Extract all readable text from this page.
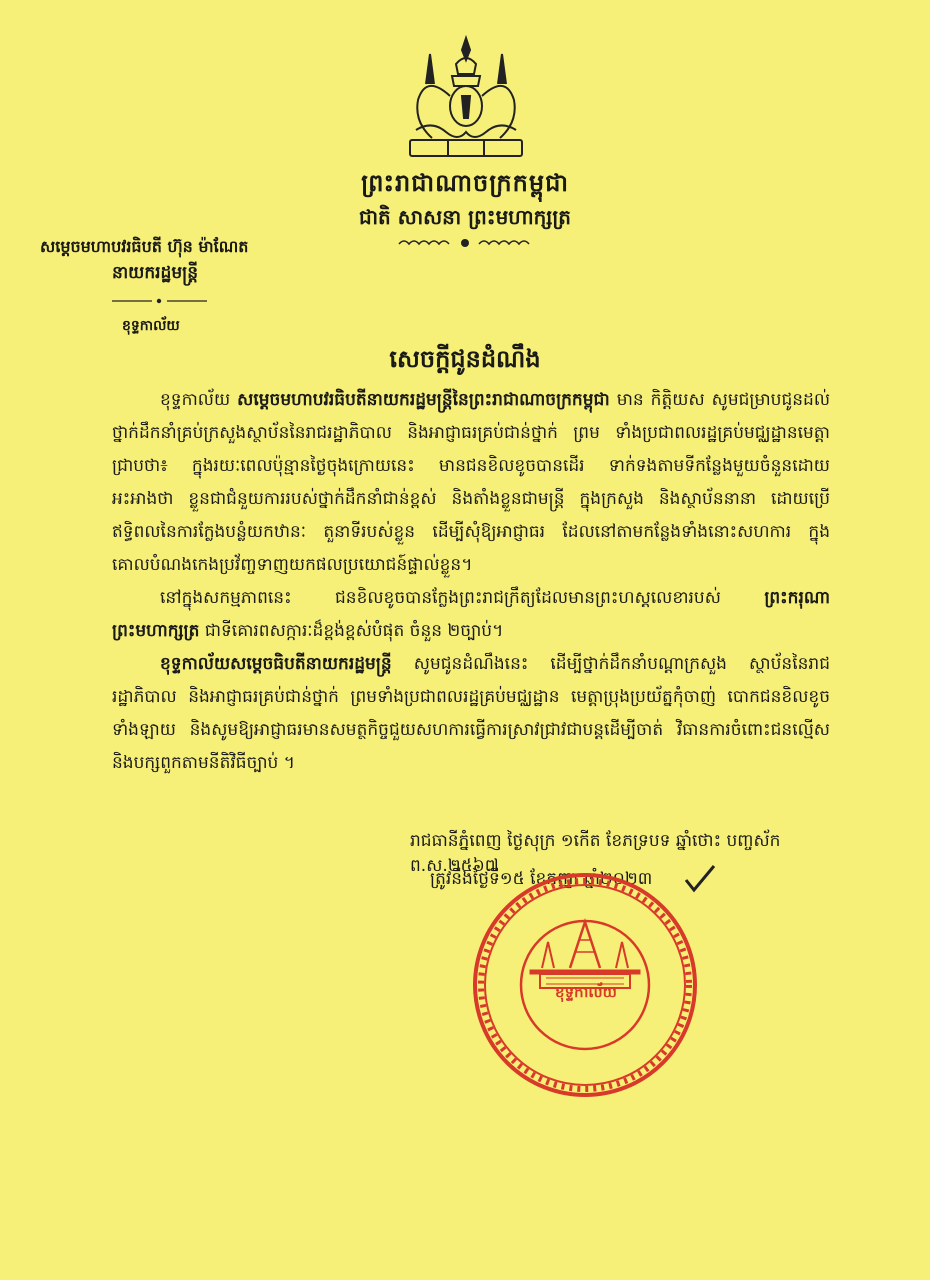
ព្រះរាជាណាចក្រកម្ពុជា
ជាតិ សាសនា ព្រះមហាក្សត្រ
សម្តេចមហាបវរធិបតី ហ៊ុន ម៉ាណែត
នាយករដ្ឋមន្ត្រី
ខុទ្ទកាល័យ
សេចក្តីជូនដំណឹង

ខុទ្ទកាល័យ សម្តេចមហាបវរធិបតីនាយករដ្ឋមន្ត្រីនៃព្រះរាជាណាចក្រកម្ពុជា មាន កិត្តិយស សូមជម្រាបជូនដល់ថ្នាក់ដឹកនាំគ្រប់ក្រសួងស្ថាប័ននៃរាជរដ្ឋាភិបាល និងអាជ្ញាធរគ្រប់ជាន់ថ្នាក់ ព្រម ទាំងប្រជាពលរដ្ឋគ្រប់មជ្ឈដ្ឋានមេត្តាជ្រាបថា៖ ក្នុងរយៈពេលប៉ុន្មានថ្ងៃចុងក្រោយនេះ មានជនខិលខូចបានដើរ ទាក់ទងតាមទីកន្លែងមួយចំនួនដោយអះអាងថា ខ្លួនជាជំនួយការរបស់ថ្នាក់ដឹកនាំជាន់ខ្ពស់ និងតាំងខ្លួនជាមន្ត្រី ក្នុងក្រសួង និងស្ថាប័ននានា ដោយប្រើឥទ្ធិពលនៃការក្លែងបន្លំយកឋានៈ តួនាទីរបស់ខ្លួន ដើម្បីសុំឱ្យអាជ្ញាធរ ដែលនៅតាមកន្លែងទាំងនោះសហការ ក្នុងគោលបំណងកេងប្រវ័ញ្ចទាញយកផលប្រយោជន៍ផ្ទាល់ខ្លួន។

នៅក្នុងសកម្មភាពនេះ ជនខិលខូចបានក្លែងព្រះរាជក្រឹត្យដែលមានព្រះហស្តលេខារបស់ ព្រះករុណា ព្រះមហាក្សត្រ ជាទីគោរពសក្ការៈដ៏ខ្ពង់ខ្ពស់បំផុត ចំនួន ២ច្បាប់។

ខុទ្ទកាល័យសម្តេចធិបតីនាយករដ្ឋមន្ត្រី សូមជូនដំណឹងនេះ ដើម្បីថ្នាក់ដឹកនាំបណ្តាក្រសួង ស្ថាប័ននៃរាជរដ្ឋាភិបាល និងអាជ្ញាធរគ្រប់ជាន់ថ្នាក់ ព្រមទាំងប្រជាពលរដ្ឋគ្រប់មជ្ឈដ្ឋាន មេត្តាប្រុងប្រយ័ត្នកុំចាញ់ បោកជនខិលខូចទាំងឡាយ និងសូមឱ្យអាជ្ញាធរមានសមត្ថកិច្ចជួយសហការធ្វើការស្រាវជ្រាវជាបន្តដើម្បីចាត់ វិធានការចំពោះជនល្មើស និងបក្សពួកតាមនីតិវិធីច្បាប់ ។

រាជធានីភ្នំពេញ ថ្ងៃសុក្រ ១កើត ខែភទ្របទ ឆ្នាំថោះ បញ្ចស័ក ព.ស.២៥៦៧
ត្រូវនឹងថ្ងៃទី១៥ ខែកញ្ញា ឆ្នាំ២០២៣
ខុទ្ទកាល័យ
